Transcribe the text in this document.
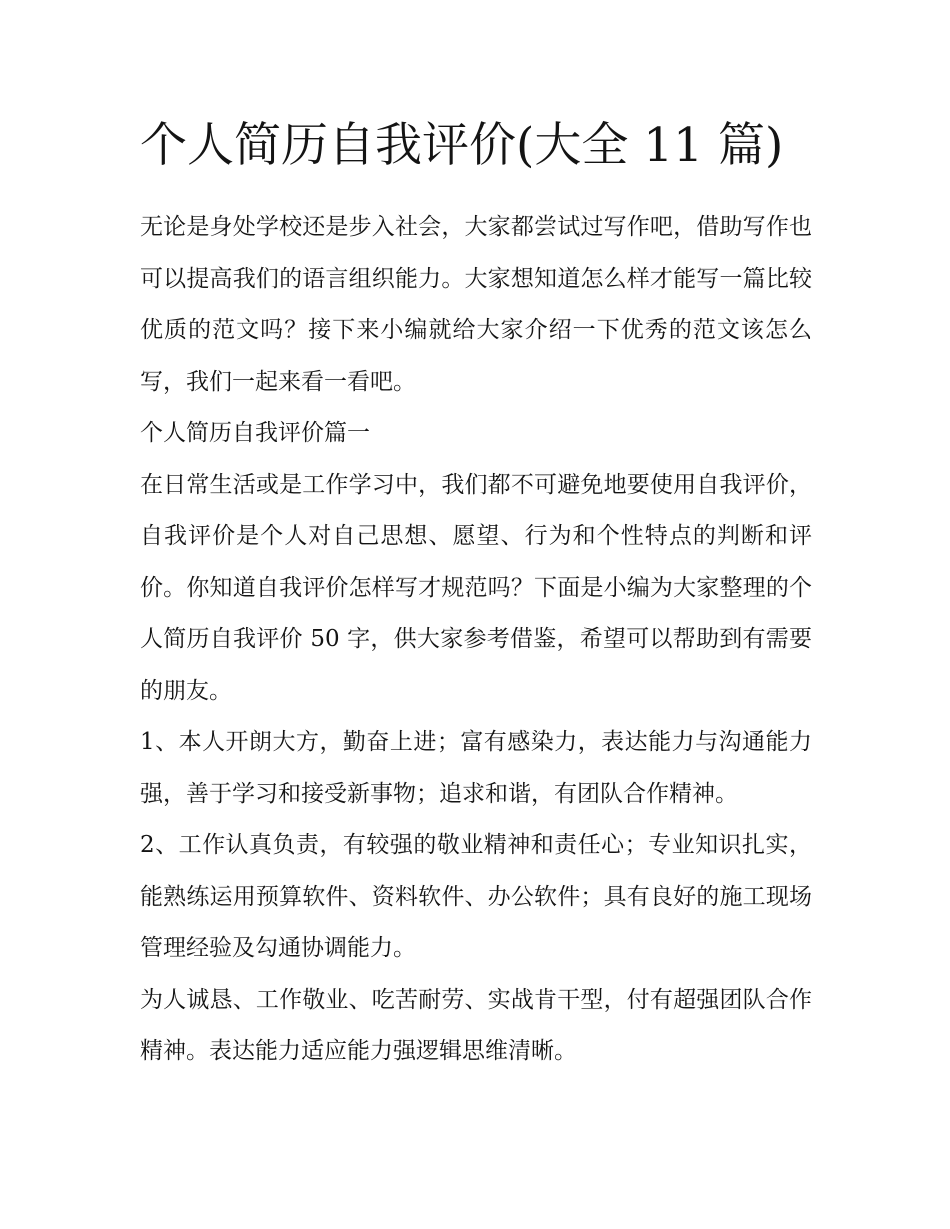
个人简历自我评价(大全 11 篇)

无论是身处学校还是步入社会，大家都尝试过写作吧，借助写作也可以提高我们的语言组织能力。大家想知道怎么样才能写一篇比较优质的范文吗？接下来小编就给大家介绍一下优秀的范文该怎么写，我们一起来看一看吧。

个人简历自我评价篇一

在日常生活或是工作学习中，我们都不可避免地要使用自我评价，自我评价是个人对自己思想、愿望、行为和个性特点的判断和评价。你知道自我评价怎样写才规范吗？下面是小编为大家整理的个人简历自我评价 50 字，供大家参考借鉴，希望可以帮助到有需要的朋友。

1、本人开朗大方，勤奋上进；富有感染力，表达能力与沟通能力强，善于学习和接受新事物；追求和谐，有团队合作精神。

2、工作认真负责，有较强的敬业精神和责任心；专业知识扎实，能熟练运用预算软件、资料软件、办公软件；具有良好的施工现场管理经验及勾通协调能力。

为人诚恳、工作敬业、吃苦耐劳、实战肯干型，付有超强团队合作精神。表达能力适应能力强逻辑思维清晰。
